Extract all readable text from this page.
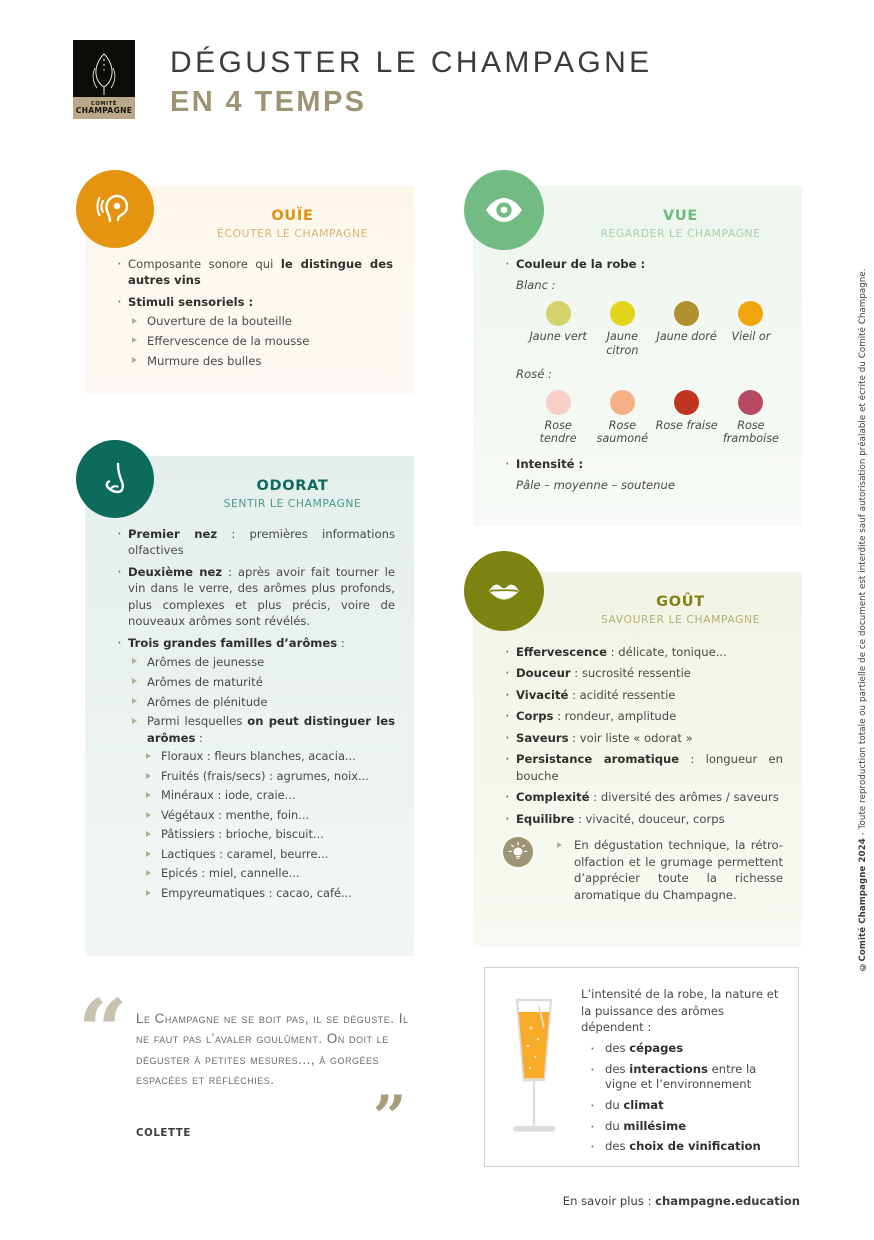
COMITÉ
CHAMPAGNE
DÉGUSTER LE CHAMPAGNE
EN 4 TEMPS
OUÏE
ÉCOUTER LE CHAMPAGNE
· Composante sonore qui le distingue des autres vins
· Stimuli sensoriels :
Ouverture de la bouteille
Effervescence de la mousse
Murmure des bulles
ODORAT
SENTIR LE CHAMPAGNE
· Premier nez : premières informations olfactives
· Deuxième nez : après avoir fait tourner le vin dans le verre, des arômes plus profonds, plus complexes et plus précis, voire de nouveaux arômes sont révélés.
· Trois grandes familles d’arômes :
Arômes de jeunesse
Arômes de maturité
Arômes de plénitude
Parmi lesquelles on peut distinguer les arômes :
Floraux : fleurs blanches, acacia...
Fruités (frais/secs) : agrumes, noix...
Minéraux : iode, craie...
Végétaux : menthe, foin...
Pâtissiers : brioche, biscuit...
Lactiques : caramel, beurre...
Epicés : miel, cannelle...
Empyreumatiques : cacao, café...
VUE
REGARDER LE CHAMPAGNE
· Couleur de la robe :
Blanc :
Jaune vert	Jaune citron
Jaune doré	Vieil or
Rosé :
Rose tendre
Rose saumoné
Rose fraise	Rose framboise
· Intensité :
Pâle – moyenne – soutenue
GOÛT
SAVOURER LE CHAMPAGNE
· Effervescence : délicate, tonique...
· Douceur : sucrosité ressentie
· Vivacité : acidité ressentie
· Corps : rondeur, amplitude
· Saveurs : voir liste « odorat »
· Persistance aromatique : longueur en bouche
· Complexité : diversité des arômes / saveurs
· Equilibre : vivacité, douceur, corps
En dégustation technique, la rétro-olfaction et le grumage permettent d’apprécier toute la richesse aromatique du Champagne.
“ Le Champagne ne se boit pas, il se déguste. Il ne faut pas l’avaler goulûment. On doit le déguster à petites mesures..., à gorgées espacées et réfléchies.
”
COLETTE
L’intensité de la robe, la nature et la puissance des arômes dépendent :
· des cépages
· des interactions entre la vigne et l’environnement
· du climat
· du millésime
· des choix de vinification
En savoir plus : champagne.education
©Comité Champagne 2024 - Toute reproduction totale ou partielle de ce document est interdite sauf autorisation préalable et écrite du Comité Champagne.
